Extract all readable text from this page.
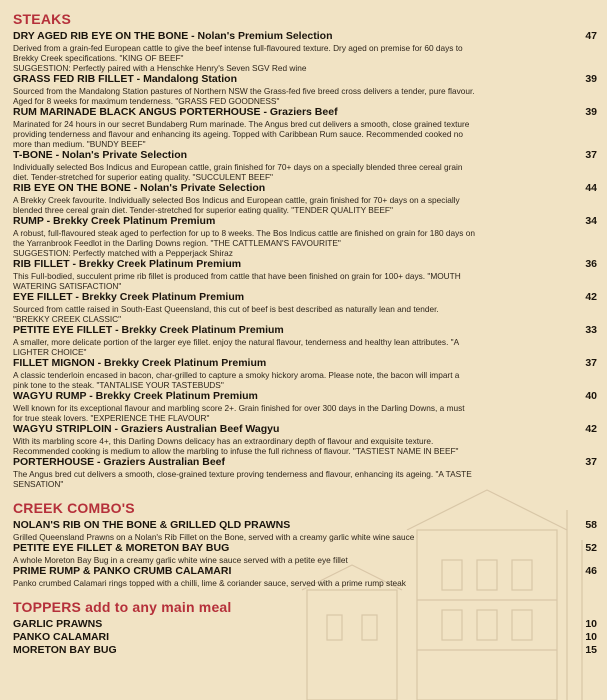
STEAKS
DRY AGED RIB EYE ON THE BONE - Nolan's Premium Selection	47
Derived from a grain-fed European cattle to give the beef intense full-flavoured texture. Dry aged on premise for 60 days to
Brekky Creek specifications. "KING OF BEEF"
SUGGESTION: Perfectly paired with a Henschke Henry's Seven SGV Red wine
GRASS FED RIB FILLET - Mandalong Station	39
Sourced from the Mandalong Station pastures of Northern NSW the Grass-fed five breed cross delivers a tender, pure flavour.
Aged for 8 weeks for maximum tenderness. "GRASS FED GOODNESS"
RUM MARINADE BLACK ANGUS PORTERHOUSE - Graziers Beef	39
Marinated for 24 hours in our secret Bundaberg Rum marinade. The Angus bred cut delivers a smooth, close grained texture
providing tenderness and flavour and enhancing its ageing. Topped with Caribbean Rum sauce. Recommended cooked no
more than medium. "BUNDY BEEF"
T-BONE - Nolan's Private Selection	37
Individually selected Bos Indicus and European cattle, grain finished for 70+ days on a specially blended three cereal grain
diet. Tender-stretched for superior eating quality. "SUCCULENT BEEF"
RIB EYE ON THE BONE - Nolan's Private Selection	44
A Brekky Creek favourite. Individually selected Bos Indicus and European cattle, grain finished for 70+ days on a specially
blended three cereal grain diet. Tender-stretched for superior eating quality. "TENDER QUALITY BEEF"
RUMP - Brekky Creek Platinum Premium	34
A robust, full-flavoured steak aged to perfection for up to 8 weeks. The Bos Indicus cattle are finished on grain for 180 days on
the Yarranbrook Feedlot in the Darling Downs region. "THE CATTLEMAN'S FAVOURITE"
SUGGESTION: Perfectly matched with a Pepperjack Shiraz
RIB FILLET - Brekky Creek Platinum Premium	36
This Full-bodied, succulent prime rib fillet is produced from cattle that have been finished on grain for 100+ days. "MOUTH
WATERING SATISFACTION"
EYE FILLET - Brekky Creek Platinum Premium	42
Sourced from cattle raised in South-East Queensland, this cut of beef is best described as naturally lean and tender.
"BREKKY CREEK CLASSIC"
PETITE EYE FILLET - Brekky Creek Platinum Premium	33
A smaller, more delicate portion of the larger eye fillet. enjoy the natural flavour, tenderness and healthy lean attributes. "A
LIGHTER CHOICE"
FILLET MIGNON - Brekky Creek Platinum Premium	37
A classic tenderloin encased in bacon, char-grilled to capture a smoky hickory aroma. Please note, the bacon will impart a
pink tone to the steak. "TANTALISE YOUR TASTEBUDS"
WAGYU RUMP - Brekky Creek Platinum Premium	40
Well known for its exceptional flavour and marbling score 2+. Grain finished for over 300 days in the Darling Downs, a must
for true steak lovers. "EXPERIENCE THE FLAVOUR"
WAGYU STRIPLOIN - Graziers Australian Beef Wagyu	42
With its marbling score 4+, this Darling Downs delicacy has an extraordinary depth of flavour and exquisite texture.
Recommended cooking is medium to allow the marbling to infuse the full richness of flavour. "TASTIEST NAME IN BEEF"
PORTERHOUSE - Graziers Australian Beef	37
The Angus bred cut delivers a smooth, close-grained texture proving tenderness and flavour, enhancing its ageing. "A TASTE
SENSATION"
CREEK COMBO'S
NOLAN'S RIB ON THE BONE & GRILLED QLD PRAWNS	58
Grilled Queensland Prawns on a Nolan's Rib Fillet on the Bone, served with a creamy garlic white wine sauce
PETITE EYE FILLET & MORETON BAY BUG	52
A whole Moreton Bay Bug in a creamy garlic white wine sauce served with a petite eye fillet
PRIME RUMP & PANKO CRUMB CALAMARI	46
Panko crumbed Calamari rings topped with a chilli, lime & coriander sauce, served with a prime rump steak
TOPPERS add to any main meal
GARLIC PRAWNS	10
PANKO CALAMARI	10
MORETON BAY BUG	15
